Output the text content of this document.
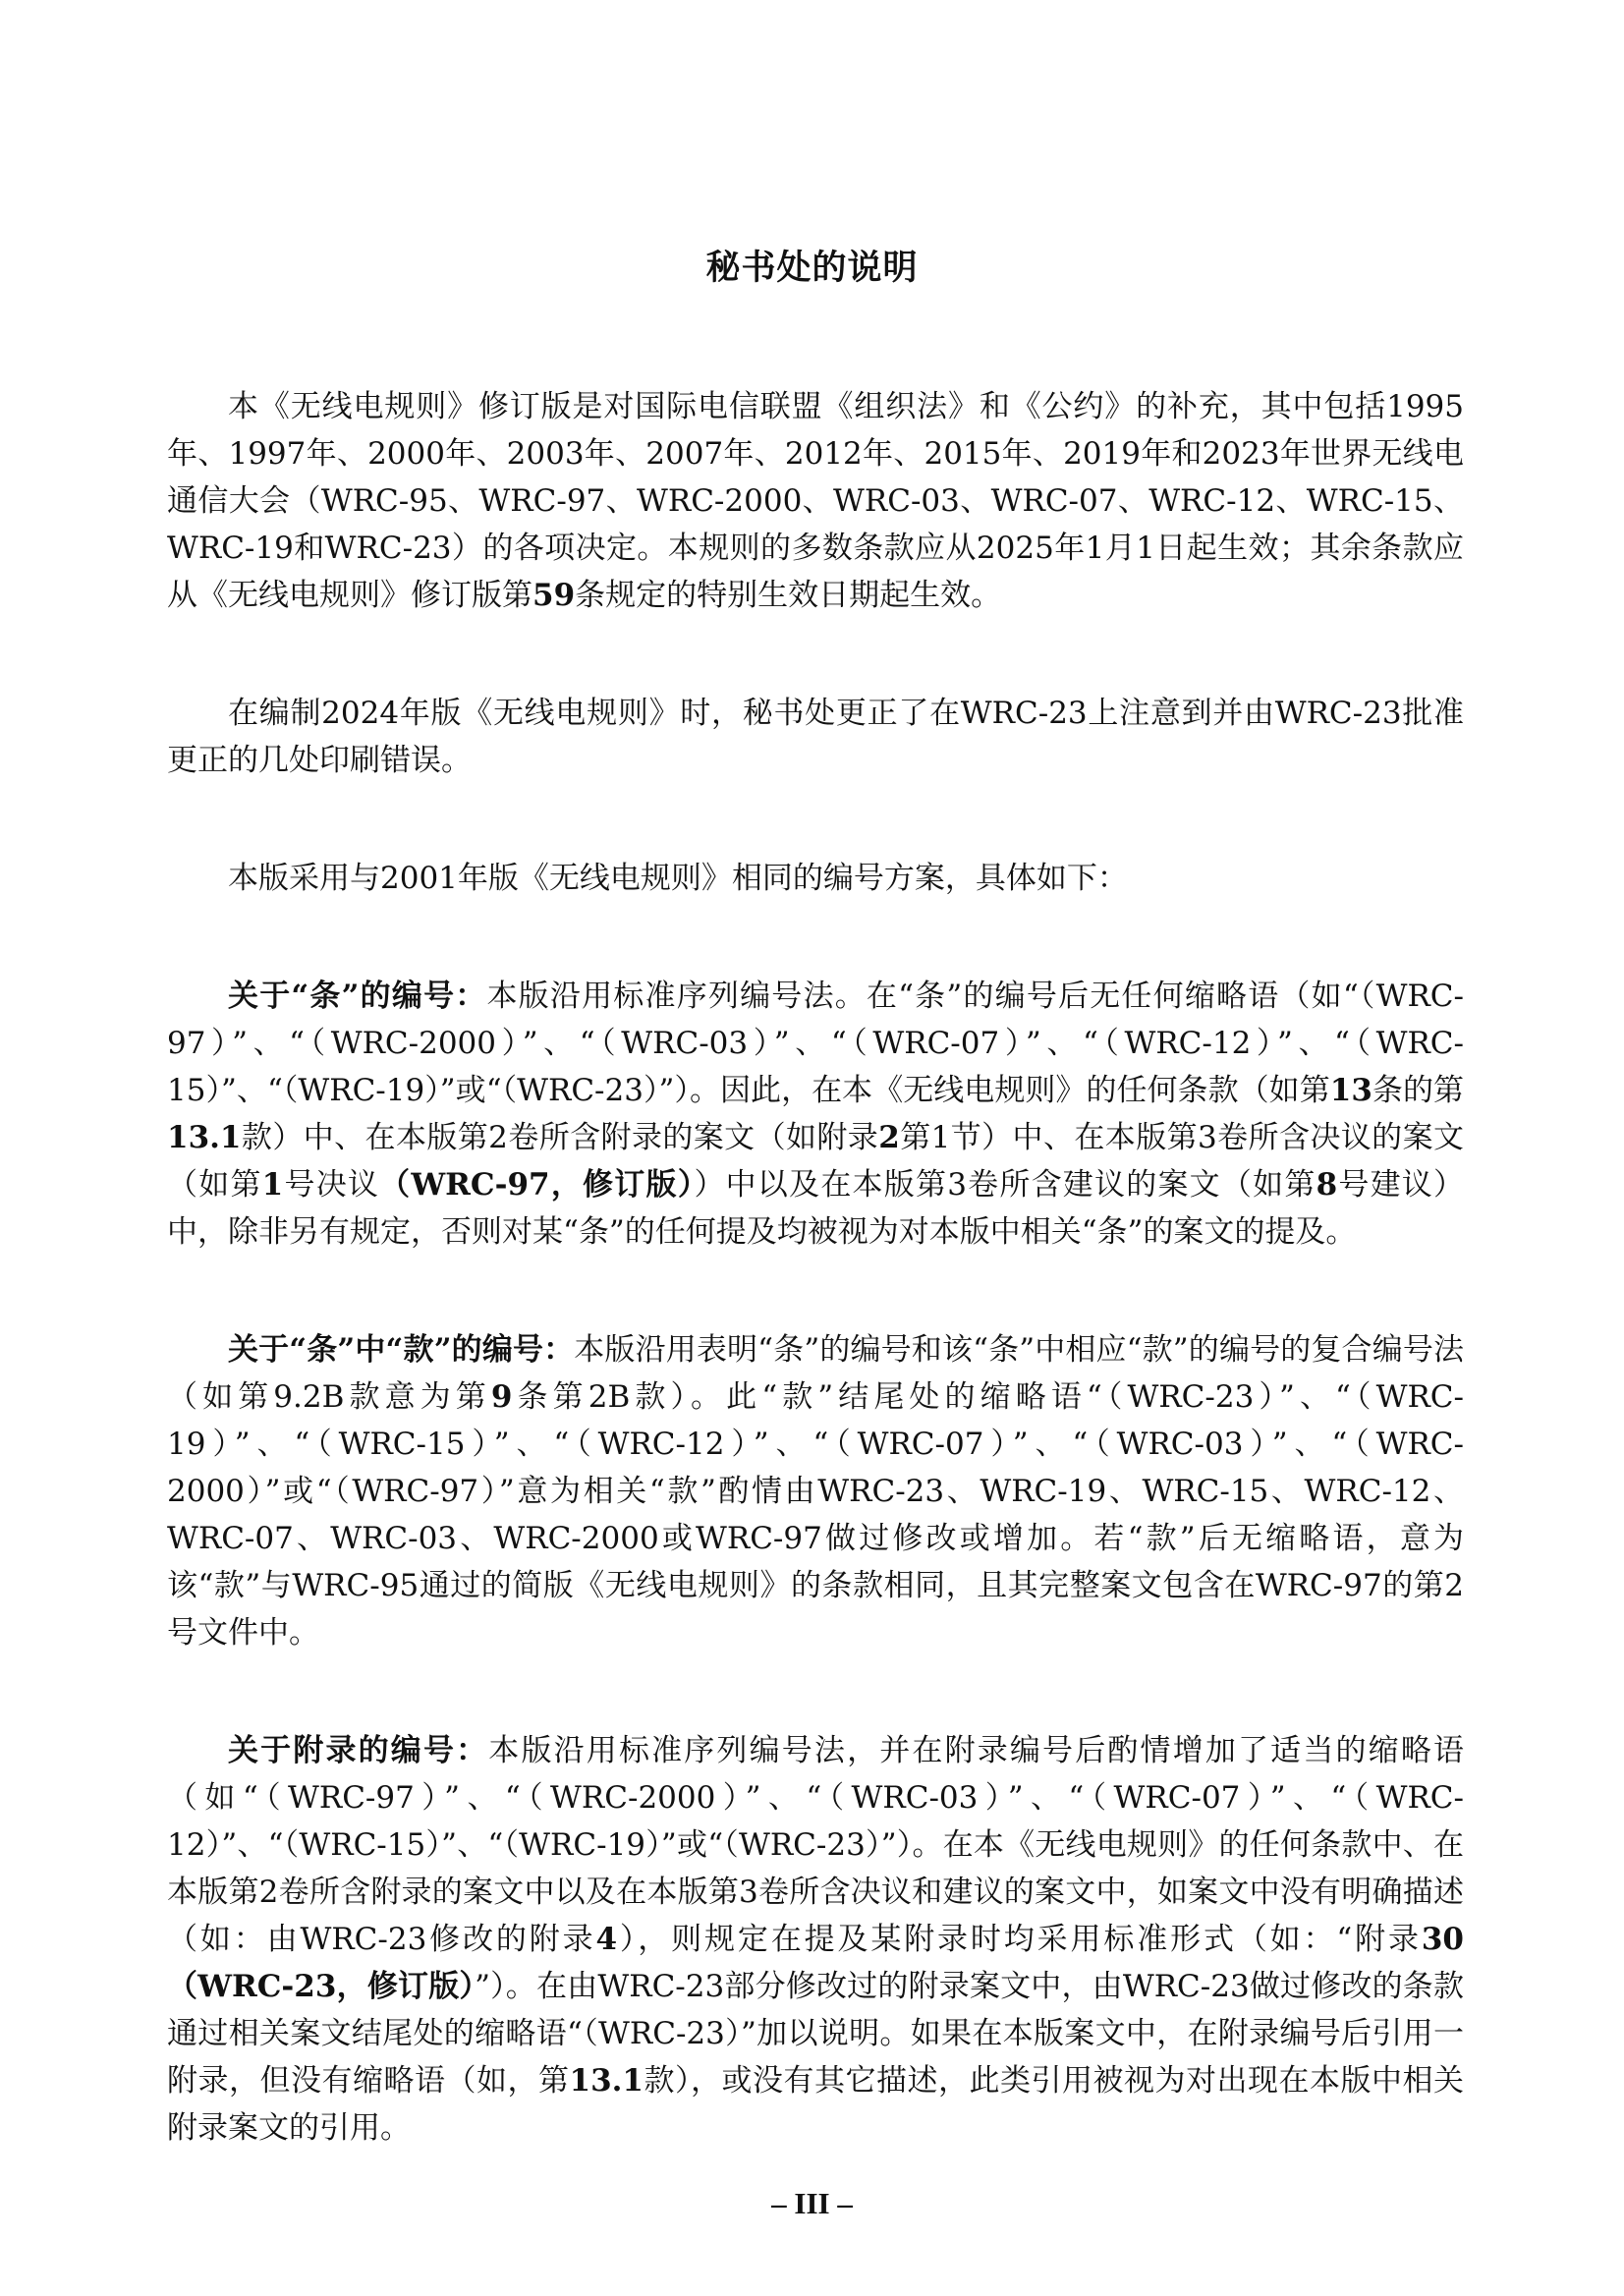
秘书处的说明

本《无线电规则》修订版是对国际电信联盟《组织法》和《公约》的补充，其中包括1995年、1997年、2000年、2003年、2007年、2012年、2015年、2019年和2023年世界无线电通信大会（WRC-95、WRC-97、WRC-2000、WRC-03、WRC-07、WRC-12、WRC-15、WRC-19和WRC-23）的各项决定。本规则的多数条款应从2025年1月1日起生效；其余条款应从《无线电规则》修订版第59条规定的特别生效日期起生效。

在编制2024年版《无线电规则》时，秘书处更正了在WRC-23上注意到并由WRC-23批准更正的几处印刷错误。

本版采用与2001年版《无线电规则》相同的编号方案，具体如下：

关于“条”的编号：本版沿用标准序列编号法。在“条”的编号后无任何缩略语（如“（WRC-97）”、“（WRC-2000）”、“（WRC-03）”、“（WRC-07）”、“（WRC-12）”、“（WRC-15）”、“（WRC-19）”或“（WRC-23）”）。因此，在本《无线电规则》的任何条款（如第13条的第13.1款）中、在本版第2卷所含附录的案文（如附录2第1节）中、在本版第3卷所含决议的案文（如第1号决议（WRC-97，修订版））中以及在本版第3卷所含建议的案文（如第8号建议）中，除非另有规定，否则对某“条”的任何提及均被视为对本版中相关“条”的案文的提及。

关于“条”中“款”的编号：本版沿用表明“条”的编号和该“条”中相应“款”的编号的复合编号法（如第9.2B款意为第9条第2B款）。此“款”结尾处的缩略语“（WRC-23）”、“（WRC-19）”、“（WRC-15）”、“（WRC-12）”、“（WRC-07）”、“（WRC-03）”、“（WRC-2000）”或“（WRC-97）”意为相关“款”酌情由WRC-23、WRC-19、WRC-15、WRC-12、WRC-07、WRC-03、WRC-2000或WRC-97做过修改或增加。若“款”后无缩略语，意为该“款”与WRC-95通过的简版《无线电规则》的条款相同，且其完整案文包含在WRC-97的第2号文件中。

关于附录的编号：本版沿用标准序列编号法，并在附录编号后酌情增加了适当的缩略语（如“（WRC-97）”、“（WRC-2000）”、“（WRC-03）”、“（WRC-07）”、“（WRC-12）”、“（WRC-15）”、“（WRC-19）”或“（WRC-23）”）。在本《无线电规则》的任何条款中、在本版第2卷所含附录的案文中以及在本版第3卷所含决议和建议的案文中，如案文中没有明确描述（如：由WRC-23修改的附录4），则规定在提及某附录时均采用标准形式（如：“附录30（WRC-23，修订版）”）。在由WRC-23部分修改过的附录案文中，由WRC-23做过修改的条款通过相关案文结尾处的缩略语“（WRC-23）”加以说明。如果在本版案文中，在附录编号后引用一附录，但没有缩略语（如，第13.1款），或没有其它描述，此类引用被视为对出现在本版中相关附录案文的引用。

– III –
